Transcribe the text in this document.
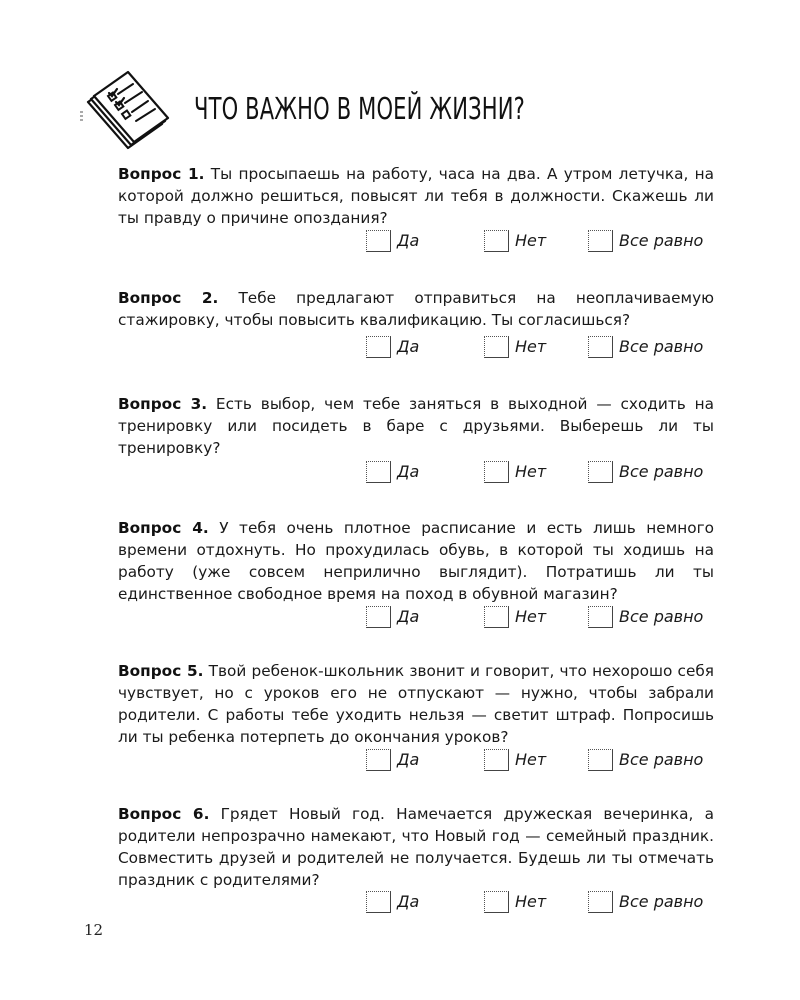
ЧТО ВАЖНО В МОЕЙ ЖИЗНИ?

Вопрос 1. Ты просыпаешь на работу, часа на два. А утром летучка, на которой должно решиться, повысят ли тебя в должности. Скажешь ли ты правду о причине опоздания?

Да	Нет	Все равно

Вопрос 2. Тебе предлагают отправиться на неоплачиваемую стажировку, чтобы повысить квалификацию. Ты согласишься?

Да	Нет	Все равно

Вопрос 3. Есть выбор, чем тебе заняться в выходной — сходить на тренировку или посидеть в баре с друзьями. Выберешь ли ты тренировку?

Да	Нет	Все равно

Вопрос 4. У тебя очень плотное расписание и есть лишь немного времени отдохнуть. Но прохудилась обувь, в которой ты ходишь на работу (уже совсем неприлично выглядит). Потратишь ли ты единственное свободное время на поход в обувной магазин?

Да	Нет	Все равно

Вопрос 5. Твой ребенок-школьник звонит и говорит, что нехорошо себя чувствует, но с уроков его не отпускают — нужно, чтобы забрали родители. С работы тебе уходить нельзя — светит штраф. Попросишь ли ты ребенка потерпеть до окончания уроков?

Да	Нет	Все равно

Вопрос 6. Грядет Новый год. Намечается дружеская вечеринка, а родители непрозрачно намекают, что Новый год — семейный праздник. Совместить друзей и родителей не получается. Будешь ли ты отмечать праздник с родителями?

Да	Нет	Все равно
12
